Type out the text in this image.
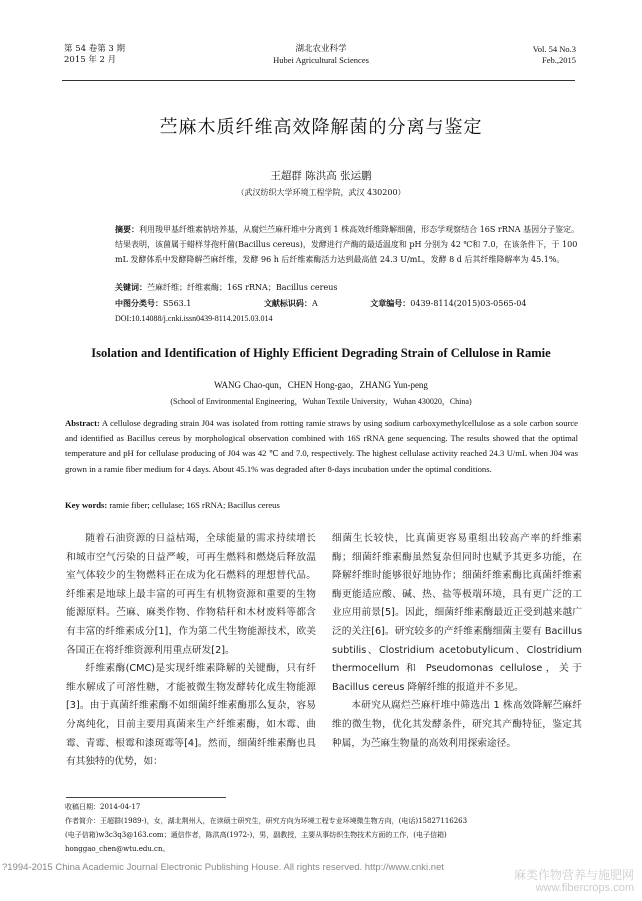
第 54 卷第 3 期
2015 年 2 月
湖北农业科学
Hubei Agricultural Sciences
Vol. 54 No.3
Feb.,2015
苎麻木质纤维高效降解菌的分离与鉴定
王超群 陈洪高 张运鹏
（武汉纺织大学环境工程学院，武汉 430200）
摘要：利用羧甲基纤维素钠培养基，从腐烂苎麻杆堆中分离到 1 株高效纤维降解细菌，形态学观察结合 16S rRNA 基因分子鉴定。结果表明，该菌属于蜡样芽孢杆菌(Bacillus cereus)，发酵进行产酶的最适温度和 pH 分别为 42 ℃和 7.0，在该条件下，于 100 mL 发酵体系中发酵降解苎麻纤维，发酵 96 h 后纤维素酶活力达到最高值 24.3 U/mL，发酵 8 d 后其纤维降解率为 45.1%。
关键词：苎麻纤维；纤维素酶；16S rRNA；Bacillus cereus
中图分类号：S563.1	文献标识码：A	文章编号：0439-8114(2015)03-0565-04
DOI:10.14088/j.cnki.issn0439-8114.2015.03.014
Isolation and Identification of Highly Efficient Degrading Strain of Cellulose in Ramie
WANG Chao-qun，CHEN Hong-gao，ZHANG Yun-peng
(School of Environmental Engineering，Wuhan Textile University，Wuhan 430020，China)
Abstract: A cellulose degrading strain J04 was isolated from rotting ramie straws by using sodium carboxymethylcellulose as a sole carbon source and identified as Bacillus cereus by morphological observation combined with 16S rRNA gene sequencing. The results showed that the optimal temperature and pH for cellulase producing of J04 was 42 ℃ and 7.0, respectively. The highest cellulase activity reached 24.3 U/mL when J04 was grown in a ramie fiber medium for 4 days. About 45.1% was degraded after 8-days incubation under the optimal conditions.
Key words: ramie fiber; cellulase; 16S rRNA; Bacillus cereus

随着石油资源的日益枯竭，全球能量的需求持续增长和城市空气污染的日益严峻，可再生燃料和燃烧后释放温室气体较少的生物燃料正在成为化石燃料的理想替代品。纤维素是地球上最丰富的可再生有机物资源和重要的生物能源原料。苎麻、麻类作物、作物秸秆和木材废料等都含有丰富的纤维素成分[1]，作为第二代生物能源技术，欧美各国正在将纤维资源利用重点研发[2]。

纤维素酶(CMC)是实现纤维素降解的关键酶，只有纤维水解成了可溶性糖，才能被微生物发酵转化成生物能源[3]。由于真菌纤维素酶不如细菌纤维素酶那么复杂，容易分离纯化，目前主要用真菌来生产纤维素酶，如木霉、曲霉、青霉、根霉和漆斑霉等[4]。然而，细菌纤维素酶也具有其独特的优势，如：

细菌生长较快，比真菌更容易重组出较高产率的纤维素酶；细菌纤维素酶虽然复杂但同时也赋予其更多功能，在降解纤维时能够很好地协作；细菌纤维素酶比真菌纤维素酶更能适应酸、碱、热、盐等极端环境，具有更广泛的工业应用前景[5]。因此，细菌纤维素酶最近正受到越来越广泛的关注[6]。研究较多的产纤维素酶细菌主要有 Bacillus subtilis、Clostridium acetobutylicum、Clostridium thermocellum 和 Pseudomonas cellulose，关于 Bacillus cereus 降解纤维的报道并不多见。

本研究从腐烂苎麻杆堆中筛选出 1 株高效降解苎麻纤维的微生物，优化其发酵条件，研究其产酶特征，鉴定其种属，为苎麻生物量的高效利用探索途径。

收稿日期：2014-04-17
作者简介：王超群(1989-)，女，湖北荆州人，在读硕士研究生，研究方向为环境工程专业环境微生物方向，(电话)15827116263
(电子信箱)w3c3q3@163.com；通信作者，陈洪高(1972-)，男，副教授，主要从事纺织生物技术方面的工作，(电子信箱)
honggao_chen@wtu.edu.cn。
?1994-2015 China Academic Journal Electronic Publishing House. All rights reserved. http://www.cnki.net
麻类作物营养与施肥网
www.fibercrops.com
